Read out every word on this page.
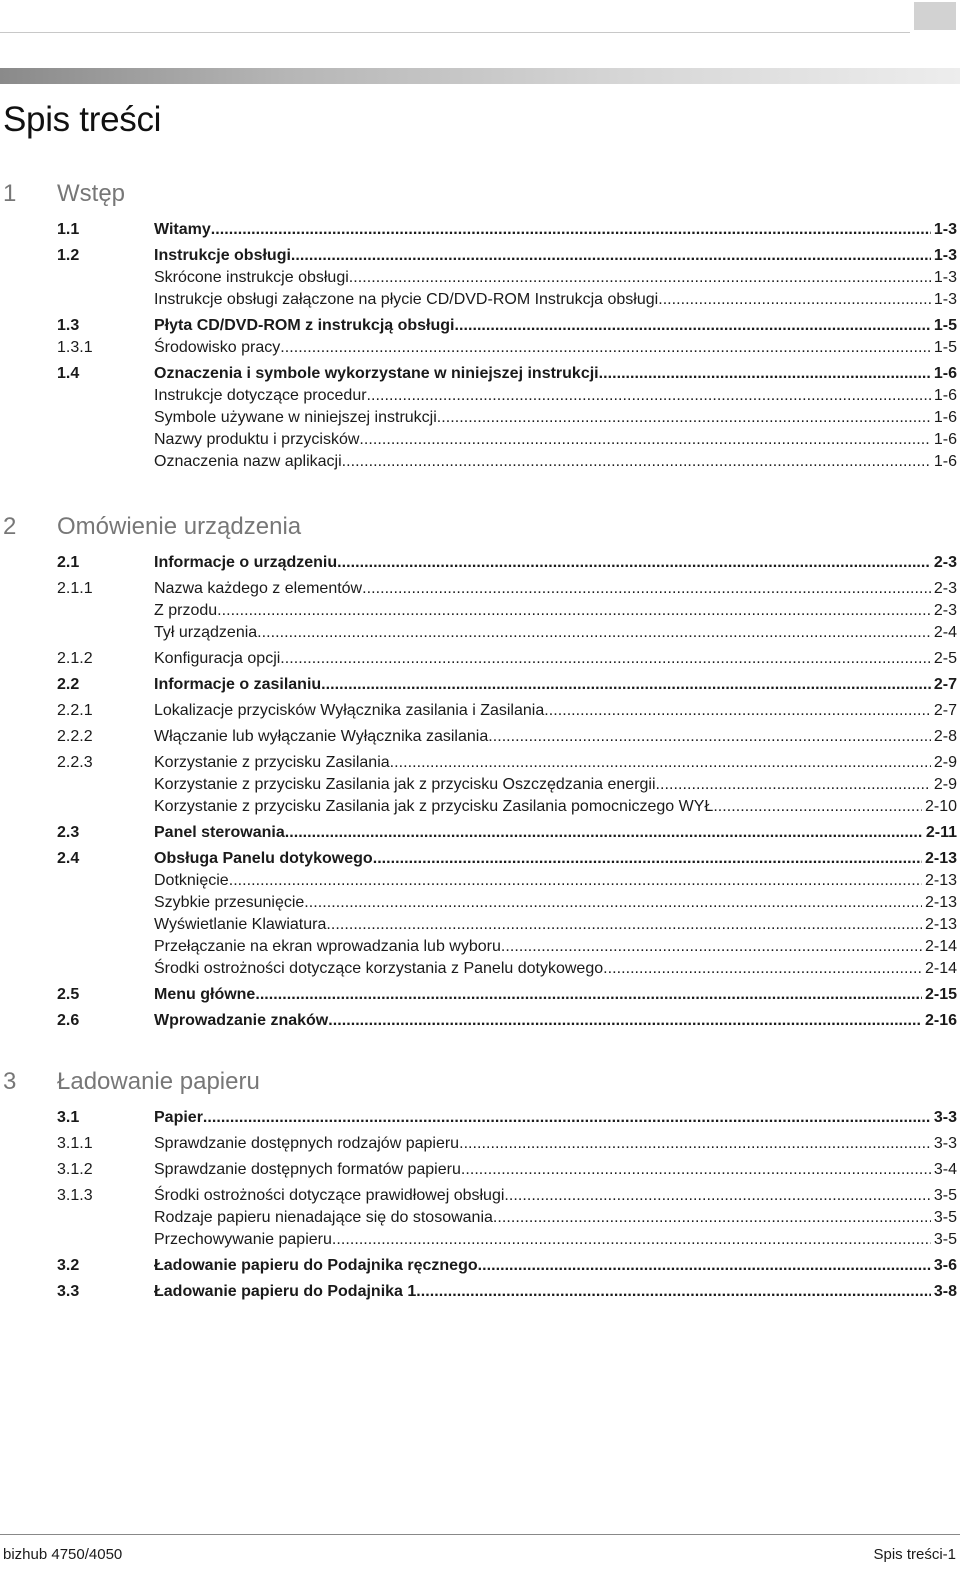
Spis treści
1 Wstęp
1.1	Witamy . . .	1-3
1.2	Instrukcje obsługi . . .	1-3
Skrócone instrukcje obsługi . . .	1-3
Instrukcje obsługi załączone na płycie CD/DVD-ROM Instrukcja obsługi . . .	1-3
1.3	Płyta CD/DVD-ROM z instrukcją obsługi . . .	1-5
1.3.1	Środowisko pracy . . .	1-5
1.4	Oznaczenia i symbole wykorzystane w niniejszej instrukcji . . .	1-6
Instrukcje dotyczące procedur . . .	1-6
Symbole używane w niniejszej instrukcji . . .	1-6
Nazwy produktu i przycisków . . .	1-6
Oznaczenia nazw aplikacji . . .	1-6
2 Omówienie urządzenia
2.1	Informacje o urządzeniu . . .	2-3
2.1.1	Nazwa każdego z elementów . . .	2-3
Z przodu . . .	2-3
Tył urządzenia . . .	2-4
2.1.2	Konfiguracja opcji . . .	2-5
2.2	Informacje o zasilaniu . . .	2-7
2.2.1	Lokalizacje przycisków Wyłącznika zasilania i Zasilania . . .	2-7
2.2.2	Włączanie lub wyłączanie Wyłącznika zasilania . . .	2-8
2.2.3	Korzystanie z przycisku Zasilania . . .	2-9
Korzystanie z przycisku Zasilania jak z przycisku Oszczędzania energii . . .	2-9
Korzystanie z przycisku Zasilania jak z przycisku Zasilania pomocniczego WYŁ. . . .	2-10
2.3	Panel sterowania . . .	2-11
2.4	Obsługa Panelu dotykowego . . .	2-13
Dotknięcie . . .	2-13
Szybkie przesunięcie . . .	2-13
Wyświetlanie Klawiatura . . .	2-13
Przełączanie na ekran wprowadzania lub wyboru . . .	2-14
Środki ostrożności dotyczące korzystania z Panelu dotykowego . . .	2-14
2.5	Menu główne . . .	2-15
2.6	Wprowadzanie znaków . . .	2-16
3 Ładowanie papieru
3.1	Papier . . .	3-3
3.1.1	Sprawdzanie dostępnych rodzajów papieru . . .	3-3
3.1.2	Sprawdzanie dostępnych formatów papieru . . .	3-4
3.1.3	Środki ostrożności dotyczące prawidłowej obsługi . . .	3-5
Rodzaje papieru nienadające się do stosowania . . .	3-5
Przechowywanie papieru . . .	3-5
3.2	Ładowanie papieru do Podajnika ręcznego . . .	3-6
3.3	Ładowanie papieru do Podajnika 1 . . .	3-8
bizhub 4750/4050	Spis treści-1
